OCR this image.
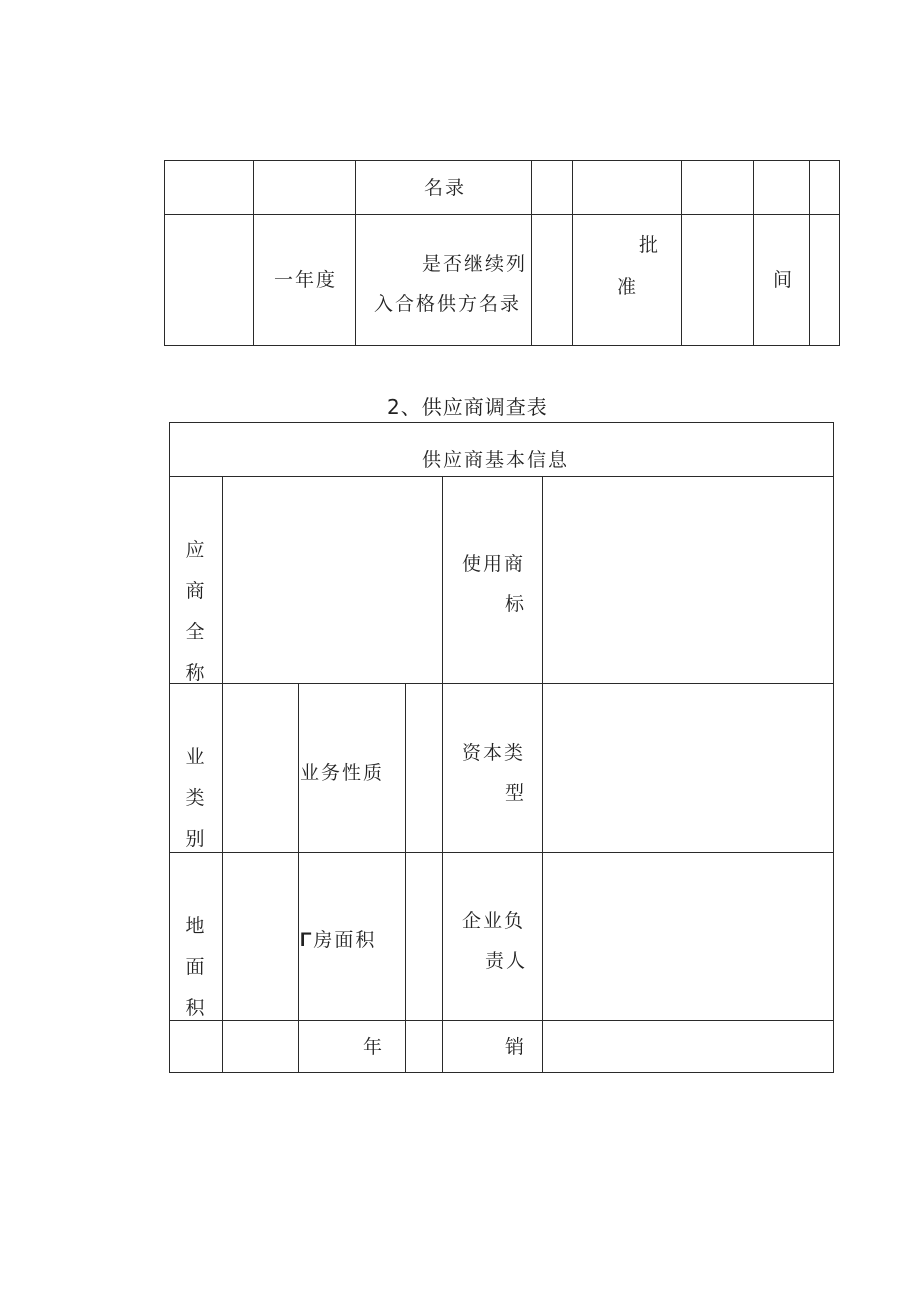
名录
一年度
是否继续列
入合格供方名录
批
准	间
2、供应商调查表
供应商基本信息
应
商
全
称
使用商
标
业
类
别
业务性质
资本类
型
地
面
积
Γ房面积
企业负
责人
年	销
